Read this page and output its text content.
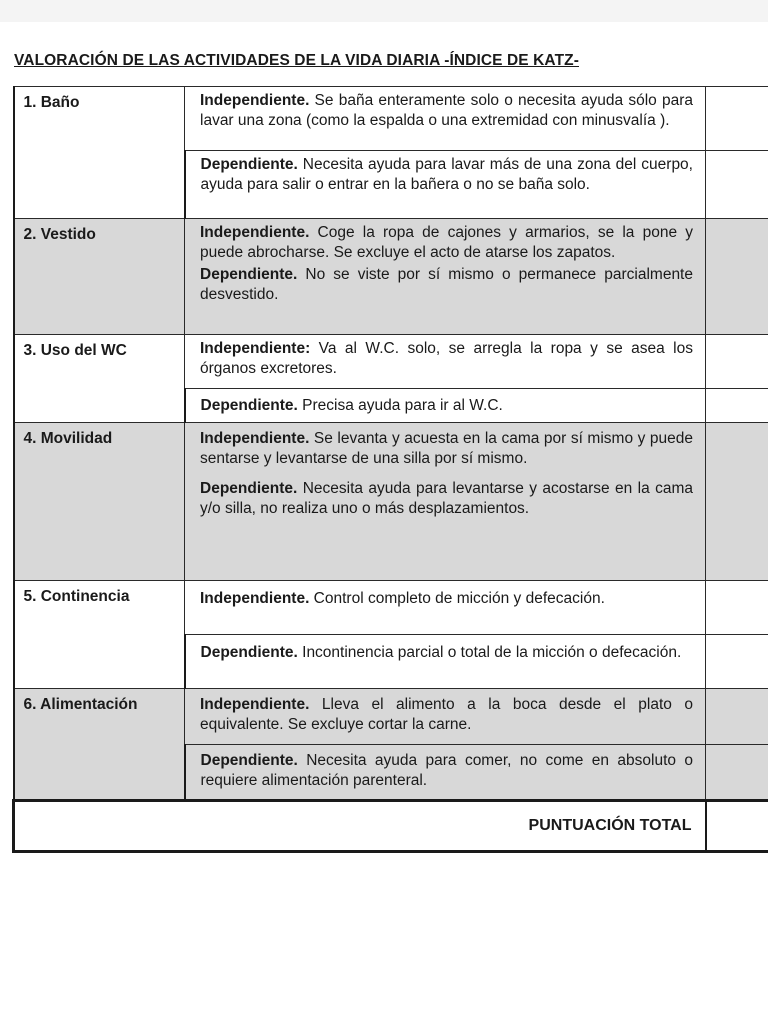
VALORACIÓN DE LAS ACTIVIDADES DE LA VIDA DIARIA -ÍNDICE DE KATZ-
1. Baño	Independiente. Se baña enteramente solo o necesita ayuda sólo para lavar una zona (como la espalda o una extremidad con minusvalía ).	

	Dependiente. Necesita ayuda para lavar más de una zona del cuerpo, ayuda para salir o entrar en la bañera o no se baña solo.	

2. Vestido	Independiente. Coge la ropa de cajones y armarios, se la pone y puede abrocharse. Se excluye el acto de atarse los zapatos.

Dependiente. No se viste por sí mismo o permanece parcialmente desvestido.	

3. Uso del WC	Independiente: Va al W.C. solo, se arregla la ropa y se asea los órganos excretores.	

	Dependiente. Precisa ayuda para ir al W.C.	

4. Movilidad	Independiente. Se levanta y acuesta en la cama por sí mismo y puede sentarse y levantarse de una silla por sí mismo.

Dependiente. Necesita ayuda para levantarse y acostarse en la cama y/o silla, no realiza uno o más desplazamientos.	

5. Continencia	Independiente. Control completo de micción y defecación.	

	Dependiente. Incontinencia parcial o total de la micción o defecación.	

6. Alimentación	Independiente. Lleva el alimento a la boca desde el plato o equivalente. Se excluye cortar la carne.	

	Dependiente. Necesita ayuda para comer, no come en absoluto o requiere alimentación parenteral.	

PUNTUACIÓN TOTAL		
